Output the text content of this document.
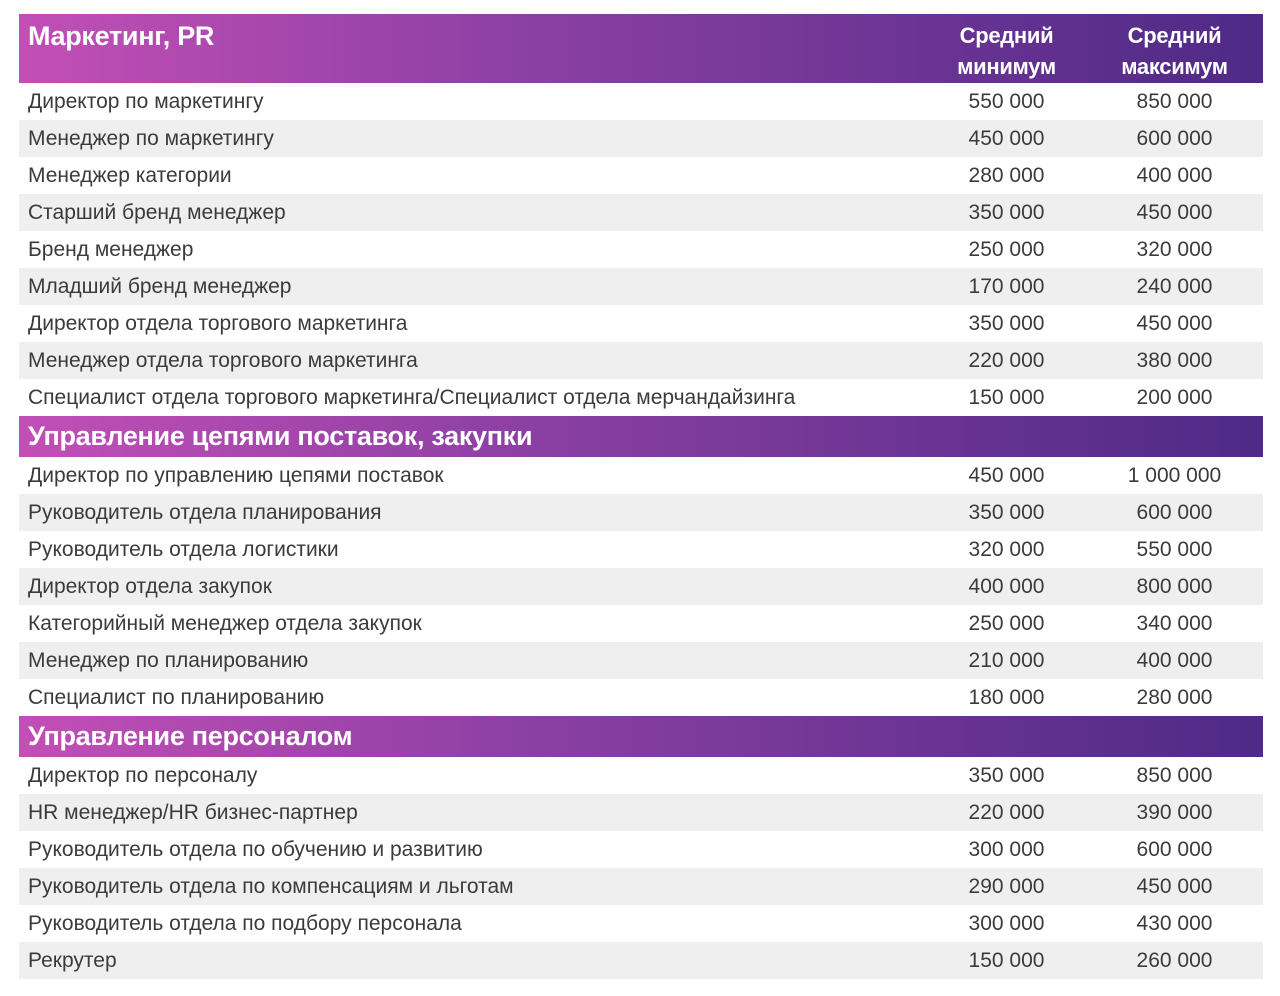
Маркетинг, PR	Средний минимум	Средний максимум
Директор по маркетингу	550 000	850 000
Менеджер по маркетингу	450 000	600 000
Менеджер категории	280 000	400 000
Старший бренд менеджер	350 000	450 000
Бренд менеджер	250 000	320 000
Младший бренд менеджер	170 000	240 000
Директор отдела торгового маркетинга	350 000	450 000
Менеджер отдела торгового маркетинга	220 000	380 000
Специалист отдела торгового маркетинга/Специалист отдела мерчандайзинга	150 000	200 000
Управление цепями поставок, закупки		
Директор по управлению цепями поставок	450 000	1 000 000
Руководитель отдела планирования	350 000	600 000
Руководитель отдела логистики	320 000	550 000
Директор отдела закупок	400 000	800 000
Категорийный менеджер отдела закупок	250 000	340 000
Менеджер по планированию	210 000	400 000
Специалист по планированию	180 000	280 000
Управление персоналом		
Директор по персоналу	350 000	850 000
HR менеджер/HR бизнес-партнер	220 000	390 000
Руководитель отдела по обучению и развитию	300 000	600 000
Руководитель отдела по компенсациям и льготам	290 000	450 000
Руководитель отдела по подбору персонала	300 000	430 000
Рекрутер	150 000	260 000
